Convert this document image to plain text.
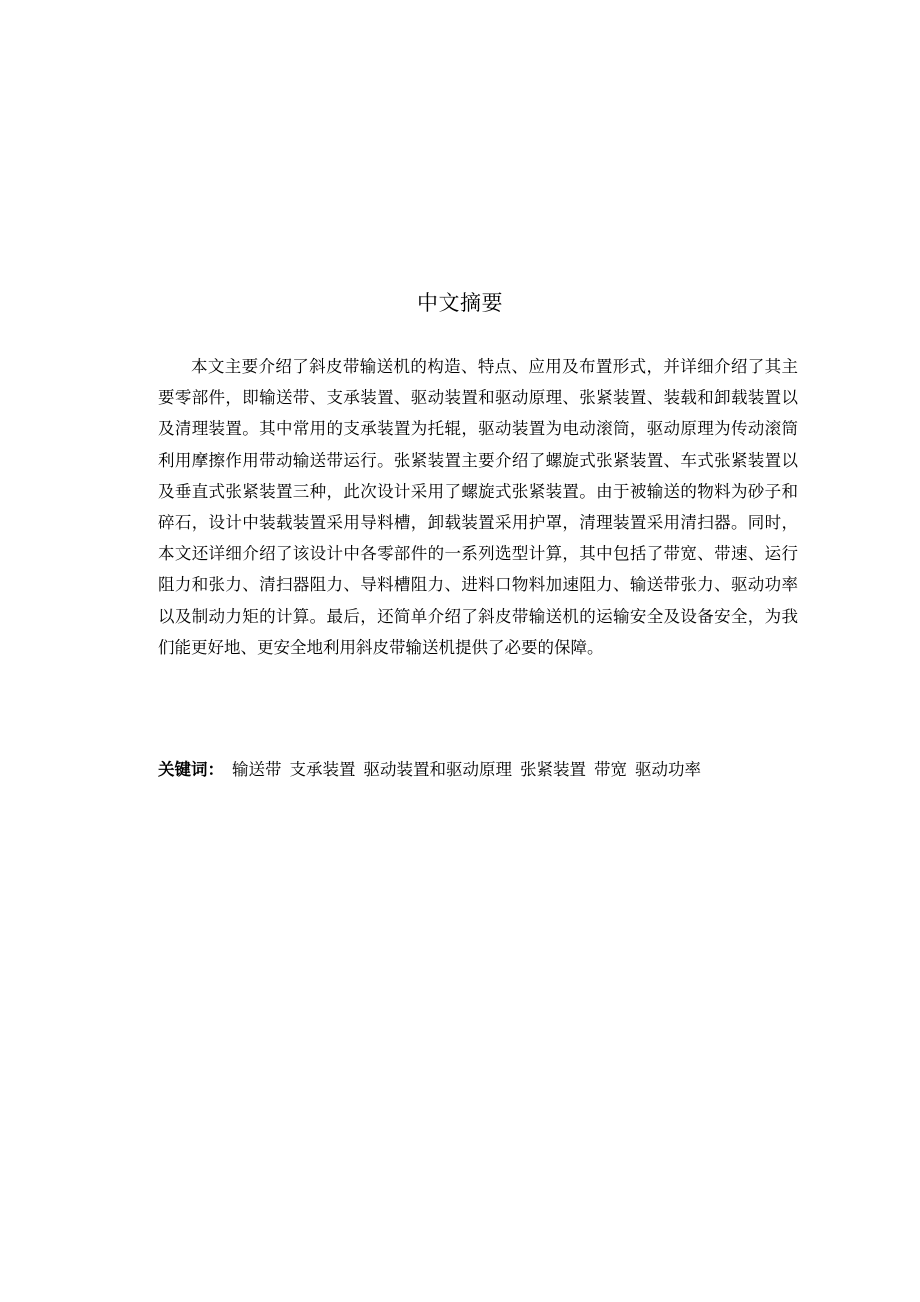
中文摘要

本文主要介绍了斜皮带输送机的构造、特点、应用及布置形式，并详细介绍了其主要零部件，即输送带、支承装置、驱动装置和驱动原理、张紧装置、装载和卸载装置以及清理装置。其中常用的支承装置为托辊，驱动装置为电动滚筒，驱动原理为传动滚筒利用摩擦作用带动输送带运行。张紧装置主要介绍了螺旋式张紧装置、车式张紧装置以及垂直式张紧装置三种，此次设计采用了螺旋式张紧装置。由于被输送的物料为砂子和碎石，设计中装载装置采用导料槽，卸载装置采用护罩，清理装置采用清扫器。同时，本文还详细介绍了该设计中各零部件的一系列选型计算，其中包括了带宽、带速、运行阻力和张力、清扫器阻力、导料槽阻力、进料口物料加速阻力、输送带张力、驱动功率以及制动力矩的计算。最后，还简单介绍了斜皮带输送机的运输安全及设备安全，为我们能更好地、更安全地利用斜皮带输送机提供了必要的保障。

关键词： 输送带 支承装置 驱动装置和驱动原理 张紧装置 带宽 驱动功率
